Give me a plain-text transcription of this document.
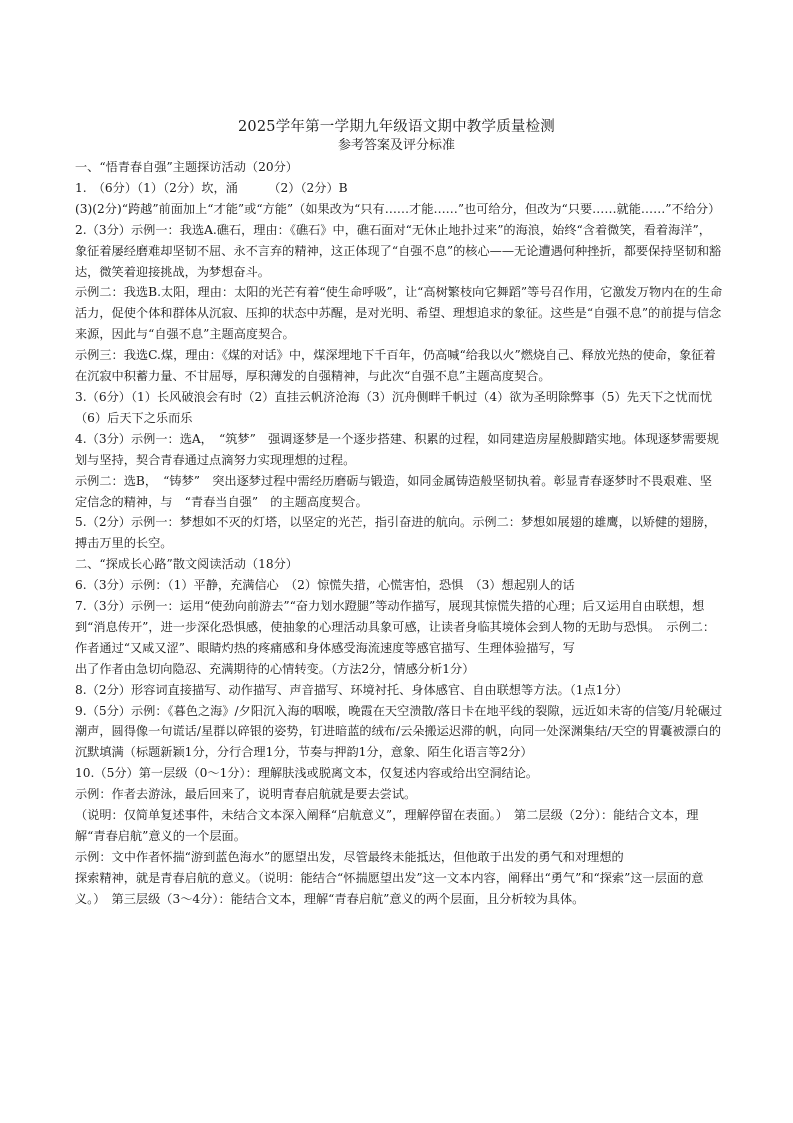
2025学年第一学期九年级语文期中教学质量检测
参考答案及评分标准

一、“悟青春自强”主题探访活动（20分）

1.　（6分）（1）（2分）坎，涌　　　（2）（2分）B

(3)(2分)“跨越”前面加上“才能”或“方能”（如果改为“只有……才能……”也可给分，但改为“只要……就能……”不给分）

2.（3分）示例一：我选A.礁石，理由：《礁石》中，礁石面对“无休止地扑过来”的海浪，始终“含着微笑，看着海洋”，象征着屡经磨难却坚韧不屈、永不言弃的精神，这正体现了“自强不息”的核心——无论遭遇何种挫折，都要保持坚韧和豁达，微笑着迎接挑战，为梦想奋斗。

示例二：我选B.太阳，理由：太阳的光芒有着“使生命呼吸”，让“高树繁枝向它舞蹈”等号召作用，它激发万物内在的生命活力，促使个体和群体从沉寂、压抑的状态中苏醒，是对光明、希望、理想追求的象征。这些是“自强不息”的前提与信念来源，因此与“自强不息”主题高度契合。

示例三：我选C.煤，理由：《煤的对话》中，煤深埋地下千百年，仍高喊“给我以火”燃烧自己、释放光热的使命，象征着在沉寂中积蓄力量、不甘屈辱，厚积薄发的自强精神，与此次“自强不息”主题高度契合。

3.（6分）（1）长风破浪会有时（2）直挂云帆济沧海（3）沉舟侧畔千帆过（4）欲为圣明除弊事（5）先天下之忧而忧（6）后天下之乐而乐

4.（3分）示例一：选A，　“筑梦”　强调逐梦是一个逐步搭建、积累的过程，如同建造房屋般脚踏实地。体现逐梦需要规划与坚持，契合青春通过点滴努力实现理想的过程。

示例二：选B，　“铸梦”　突出逐梦过程中需经历磨砺与锻造，如同金属铸造般坚韧执着。彰显青春逐梦时不畏艰难、坚定信念的精神，与　“青春当自强”　的主题高度契合。

5.（2分）示例一：梦想如不灭的灯塔，以坚定的光芒，指引奋进的航向。示例二：梦想如展翅的雄鹰，以矫健的翅膀，搏击万里的长空。

二、“探成长心路”散文阅读活动（18分）

6.（3分）示例：（1）平静，充满信心　（2）惊慌失措，心慌害怕，恐惧　（3）想起别人的话

7.（3分）示例一：运用“使劲向前游去”“奋力划水蹬腿”等动作描写，展现其惊慌失措的心理；后又运用自由联想，想到“消息传开”，进一步深化恐惧感，使抽象的心理活动具象可感，让读者身临其境体会到人物的无助与恐惧。　示例二：作者通过“又咸又涩”、眼睛灼热的疼痛感和身体感受海流速度等感官描写、生理体验描写，写

出了作者由急切向隐忍、充满期待的心情转变。（方法2分，情感分析1分）

8.（2分）形容词直接描写、动作描写、声音描写、环境衬托、身体感官、自由联想等方法。（1点1分）

9.（5分）示例：《暮色之海》/夕阳沉入海的咽喉，晚霞在天空溃散/落日卡在地平线的裂隙，远近如未寄的信笺/月轮碾过潮声，圆得像一句谎话/星群以碎银的姿势，钉进暗蓝的绒布/云朵搬运迟滞的帆，向同一处深渊集结/天空的胃囊被漂白的沉默填满（标题新颖1分，分行合理1分，节奏与押韵1分，意象、陌生化语言等2分）

10.（5分）第一层级（0～1分）：理解肤浅或脱离文本，仅复述内容或给出空洞结论。

示例：作者去游泳，最后回来了，说明青春启航就是要去尝试。

（说明：仅简单复述事件，未结合文本深入阐释“启航意义”，理解停留在表面。）　第二层级（2分）：能结合文本，理解“青春启航”意义的一个层面。

示例：文中作者怀揣“游到蓝色海水”的愿望出发，尽管最终未能抵达，但他敢于出发的勇气和对理想的

探索精神，就是青春启航的意义。（说明：能结合“怀揣愿望出发”这一文本内容，阐释出“勇气”和“探索”这一层面的意义。）　第三层级（3～4分）：能结合文本，理解“青春启航”意义的两个层面，且分析较为具体。
